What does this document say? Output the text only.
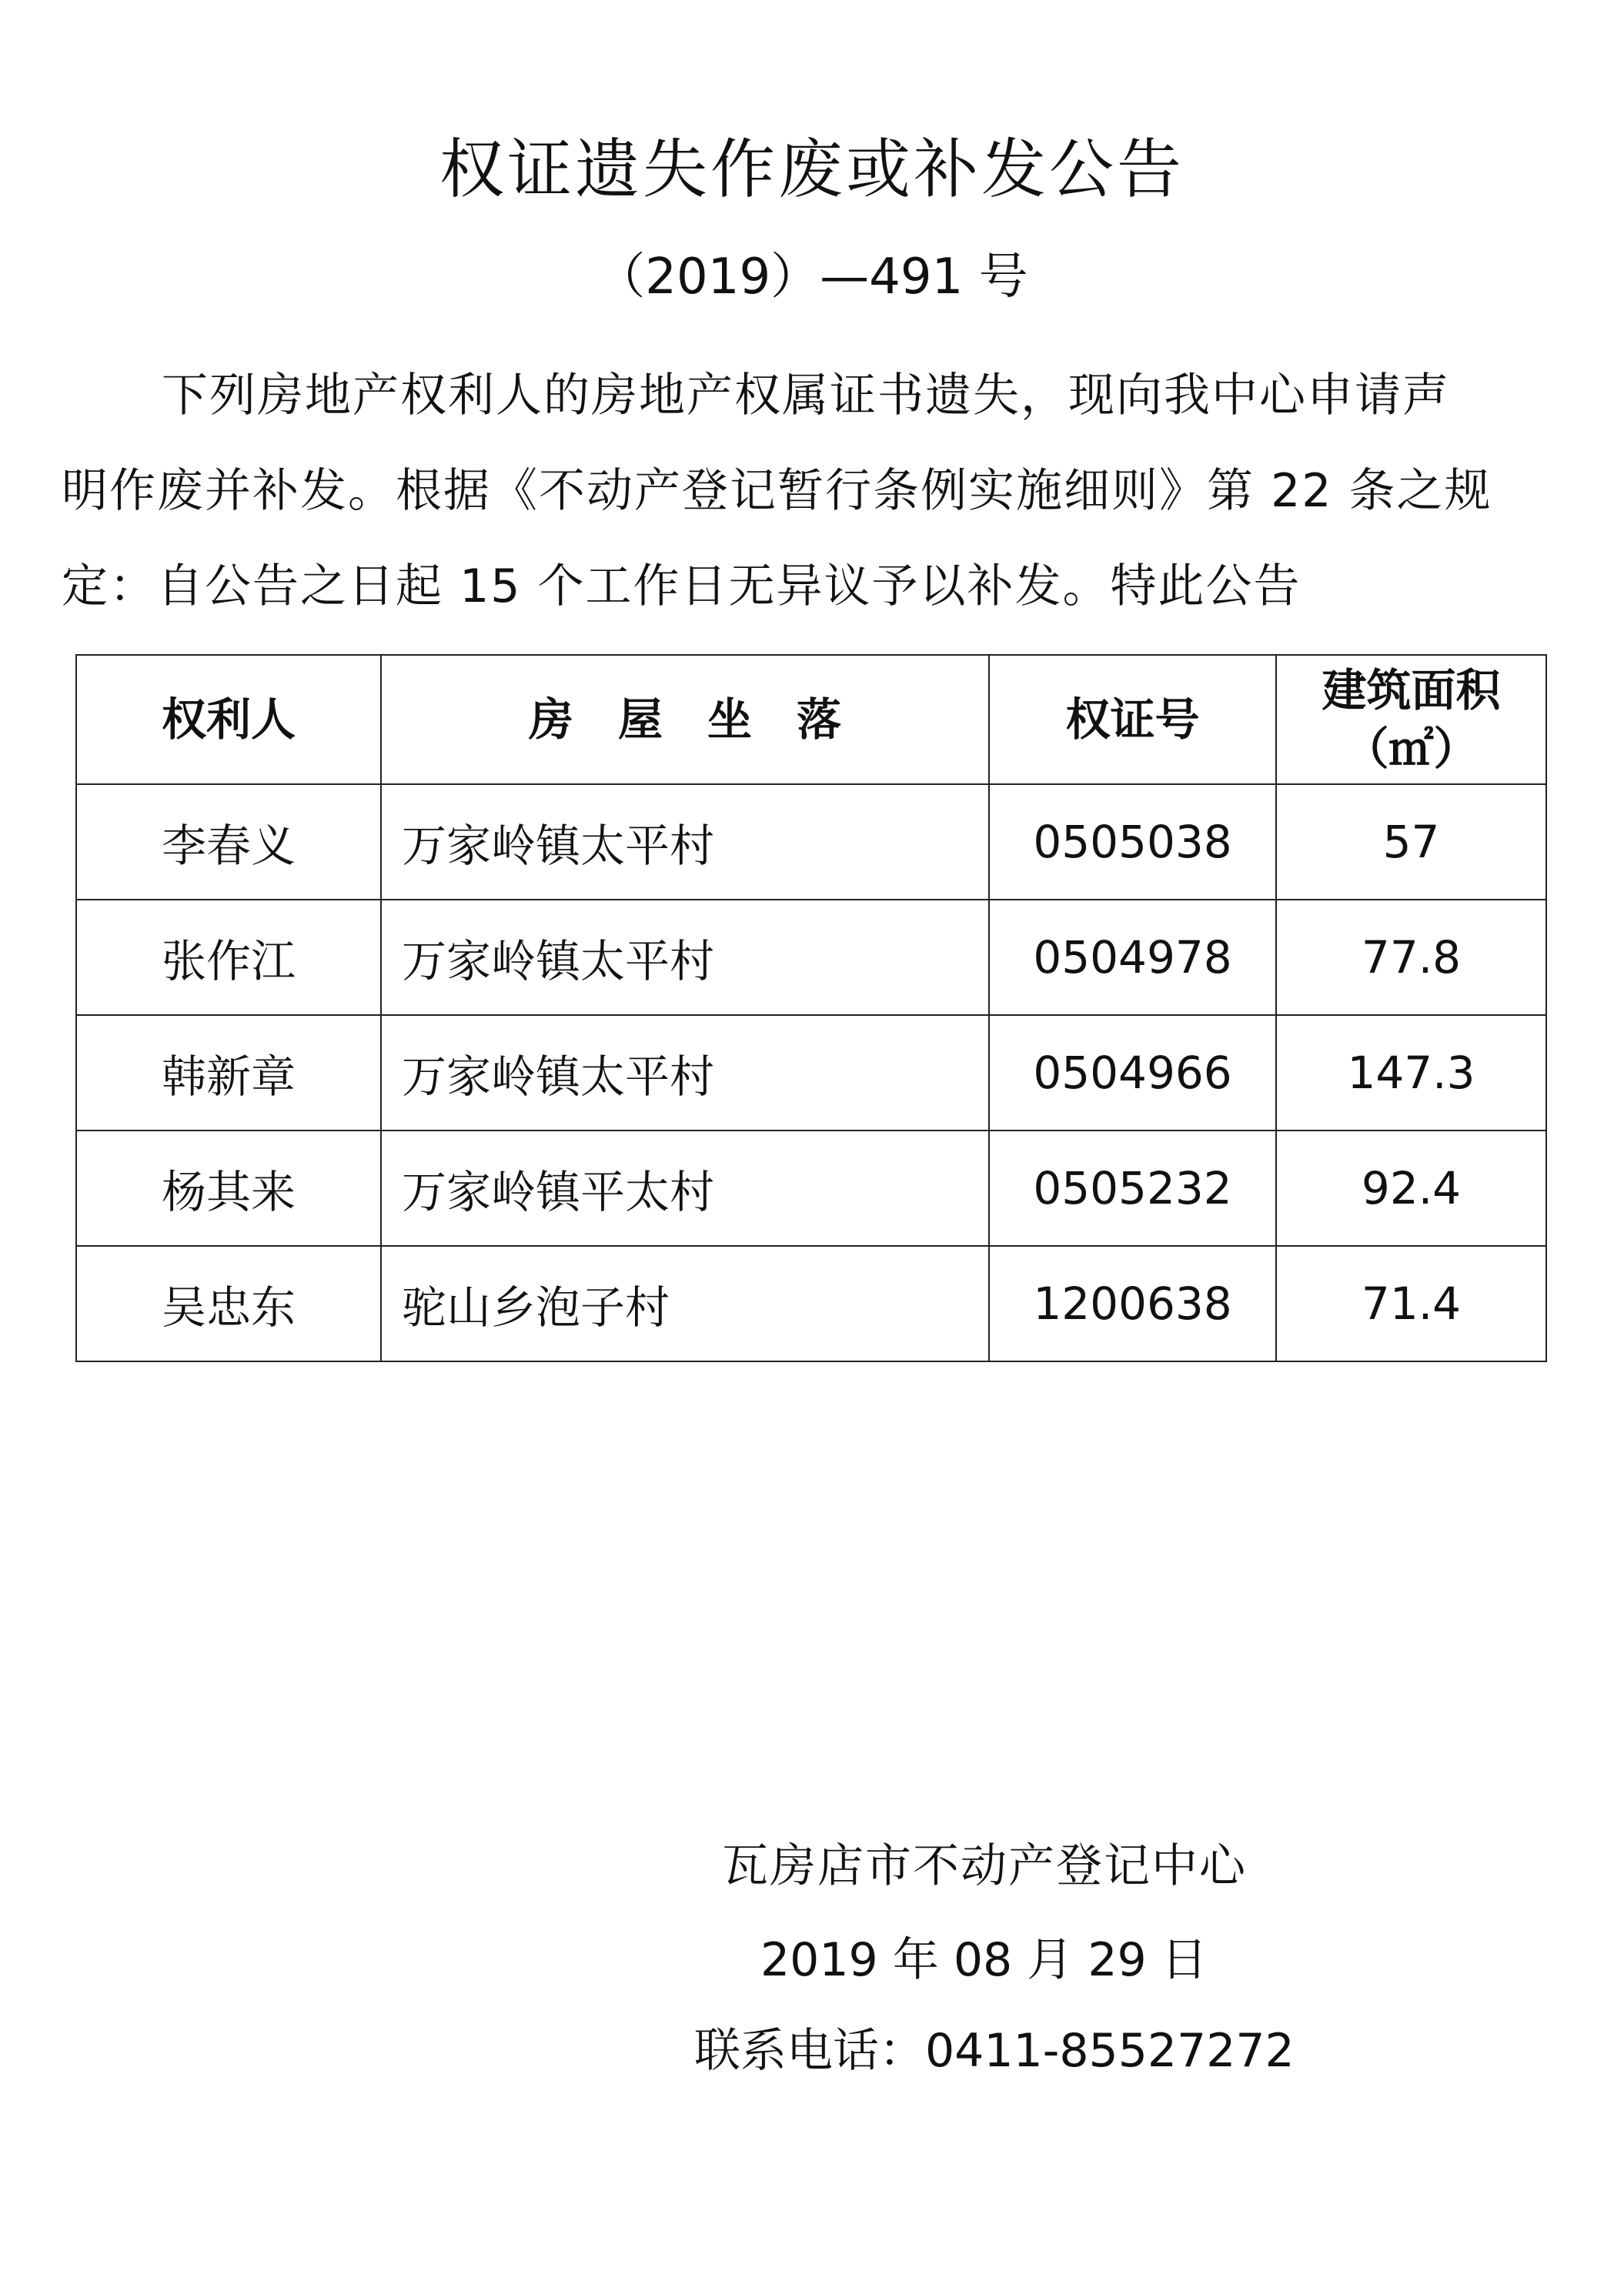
权证遗失作废或补发公告
（2019）—491 号

下列房地产权利人的房地产权属证书遗失，现向我中心申请声
明作废并补发。根据《不动产登记暂行条例实施细则》第 22 条之规
定：自公告之日起 15 个工作日无异议予以补发。特此公告

权利人	房　屋　坐　落	权证号	建筑面积
（㎡）

李春义	万家岭镇太平村	0505038	57
张作江	万家岭镇太平村	0504978	77.8
韩新章	万家岭镇太平村	0504966	147.3
杨其来	万家岭镇平太村	0505232	92.4
吴忠东	驼山乡泡子村	1200638	71.4
瓦房店市不动产登记中心
2019 年 08 月 29 日
联系电话：0411-85527272
